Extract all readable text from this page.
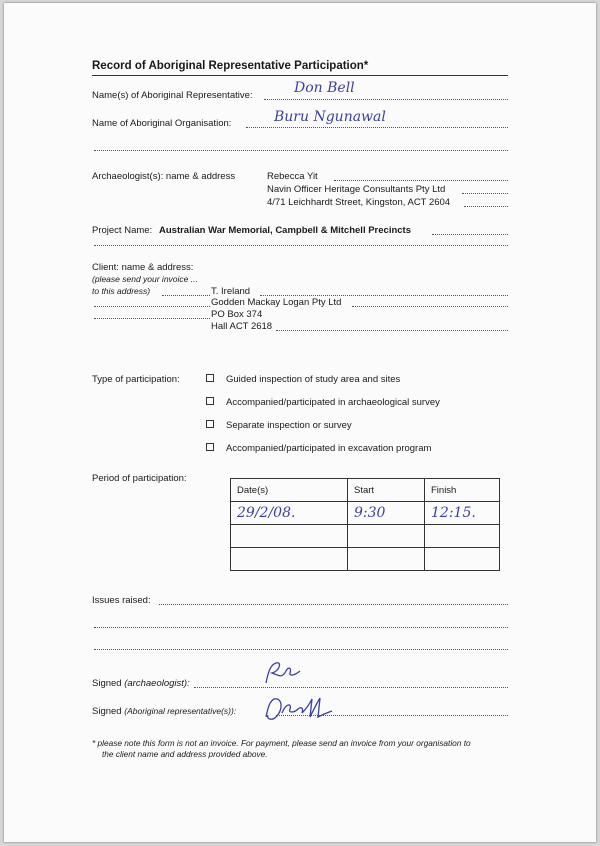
Record of Aboriginal Representative Participation*
Name(s) of Aboriginal Representative:	Don Bell
Name of Aboriginal Organisation:	Buru Ngunawal
Archaeologist(s): name & address	Rebecca Yit
Navin Officer Heritage Consultants Pty Ltd
4/71 Leichhardt Street, Kingston, ACT 2604
Project Name: Australian War Memorial, Campbell & Mitchell Precincts
Client: name & address:
(please send your invoice ...
to this address)	T. Ireland
Godden Mackay Logan Pty Ltd
PO Box 374
Hall ACT 2618
Type of participation:	Guided inspection of study area and sites
Accompanied/participated in archaeological survey
Separate inspection or survey
Accompanied/participated in excavation program
Period of participation:
Date(s)	Start	Finish
29/2/08.	9:30	12:15.

Issues raised:
Signed (archaeologist):
Signed (Aboriginal representative(s)):
* please note this form is not an invoice. For payment, please send an invoice from your organisation to
the client name and address provided above.
